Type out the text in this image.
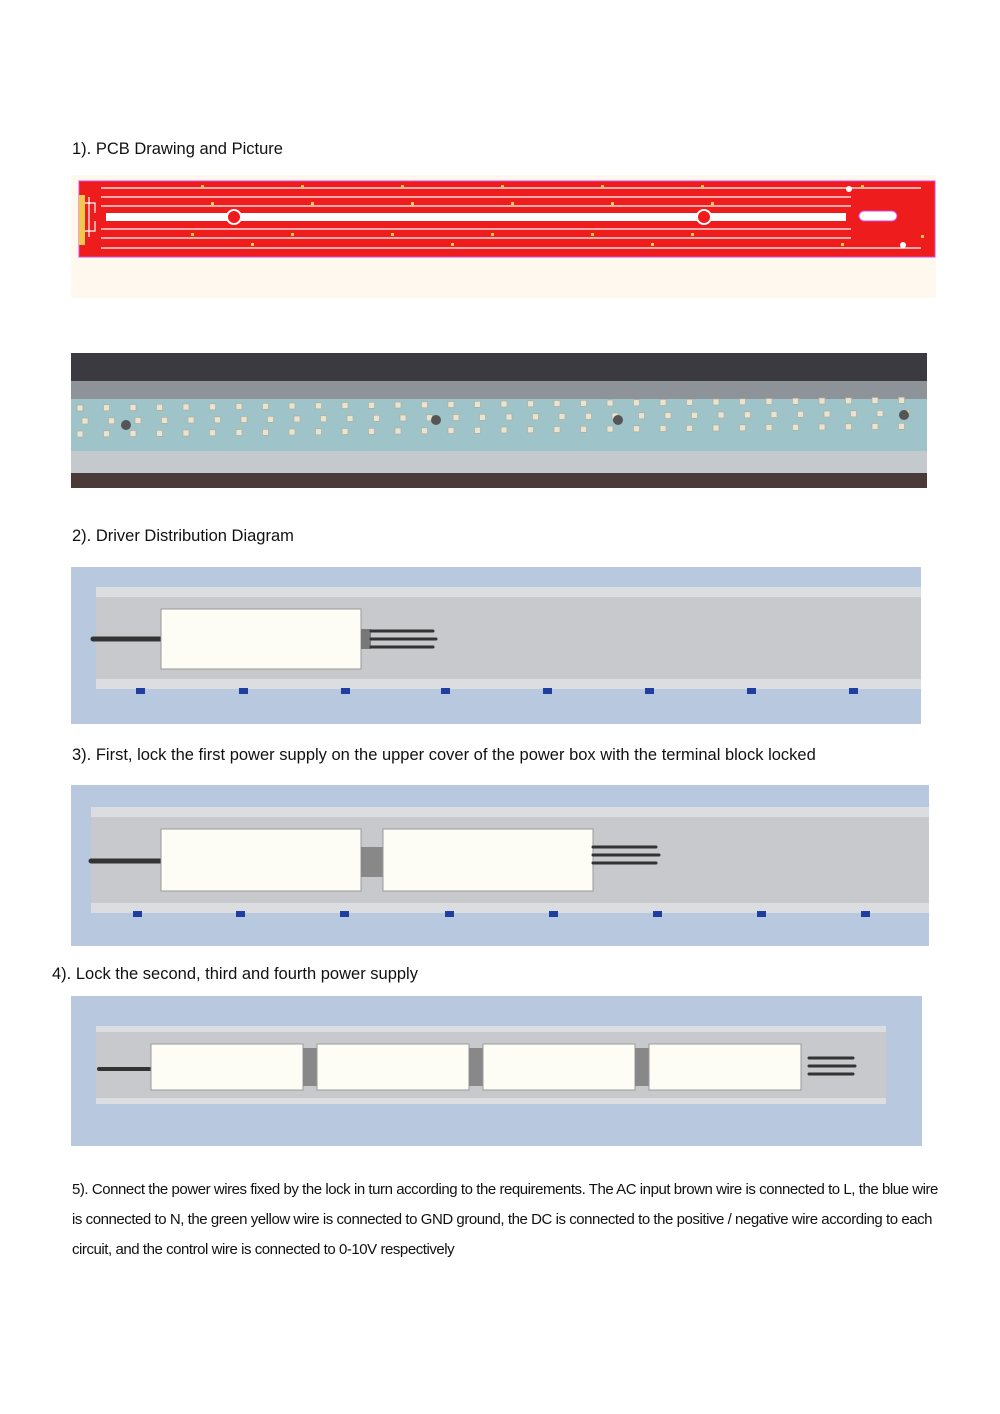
1). PCB Drawing and Picture
2). Driver Distribution Diagram
3). First, lock the first power supply on the upper cover of the power box with the terminal block locked
4). Lock the second, third and fourth power supply
5). Connect the power wires fixed by the lock in turn according to the requirements. The AC input brown wire is connected to L, the blue wire is connected to N, the green yellow wire is connected to GND ground, the DC is connected to the positive / negative wire according to each circuit, and the control wire is connected to 0-10V respectively
